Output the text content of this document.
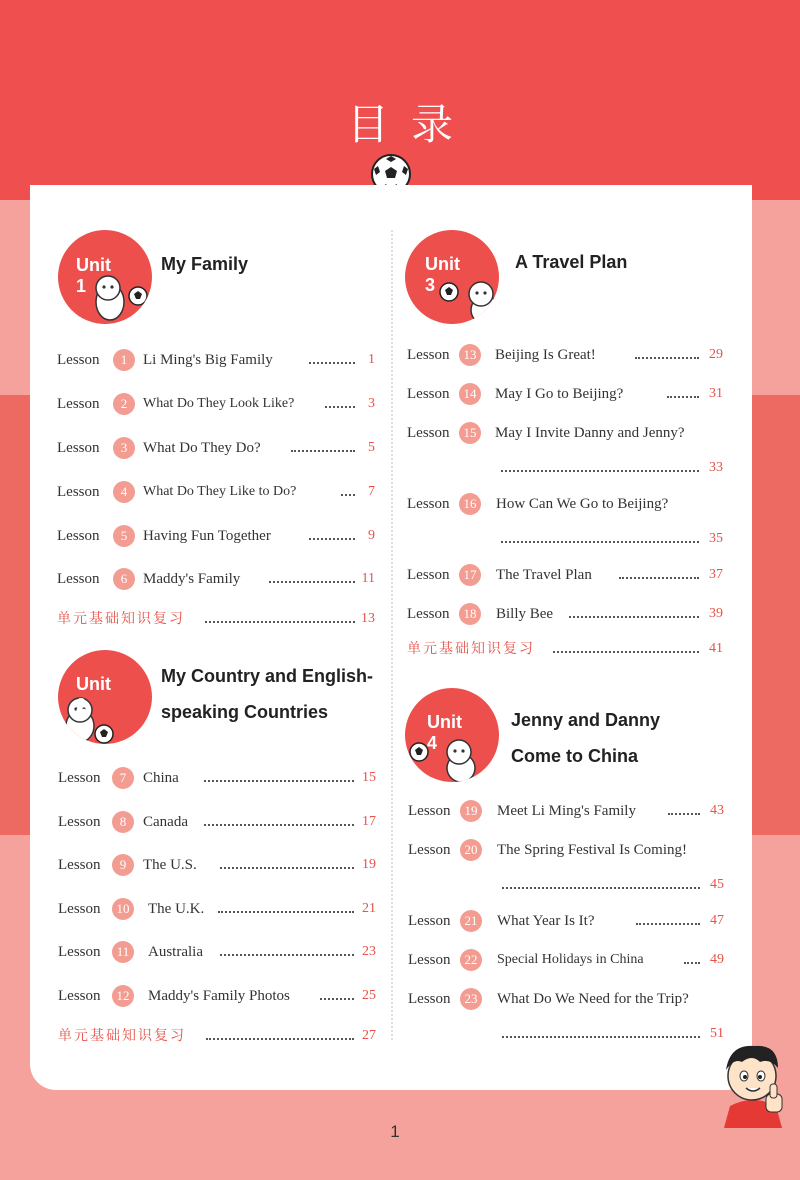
目录
Unit 1
My Family
Unit 2
My Country and English-
speaking Countries
Unit 3
A Travel Plan
Unit 4
Jenny and Danny
Come to China
Lesson	1	Li Ming's Big Family	1
Lesson	2	What Do They Look Like?	3
Lesson	3	What Do They Do?	5
Lesson	4	What Do They Like to Do?	7
Lesson	5	Having Fun Together	9
Lesson	6	Maddy's Family	11
单元基础知识复习	13
Lesson	7	China	15
Lesson	8	Canada	17
Lesson	9	The U.S.	19
Lesson	10	The U.K.	21
Lesson	11	Australia	23
Lesson	12	Maddy's Family Photos	25
单元基础知识复习	27
Lesson	13	Beijing Is Great!	29
Lesson	14	May I Go to Beijing?	31
Lesson	15	May I Invite Danny and Jenny?
33
Lesson	16	How Can We Go to Beijing?
35
Lesson	17	The Travel Plan	37
Lesson	18	Billy Bee	39
单元基础知识复习	41
Lesson	19	Meet Li Ming's Family	43
Lesson	20	The Spring Festival Is Coming!
45
Lesson	21	What Year Is It?	47
Lesson	22	Special Holidays in China	49
Lesson	23	What Do We Need for the Trip?
51
1
